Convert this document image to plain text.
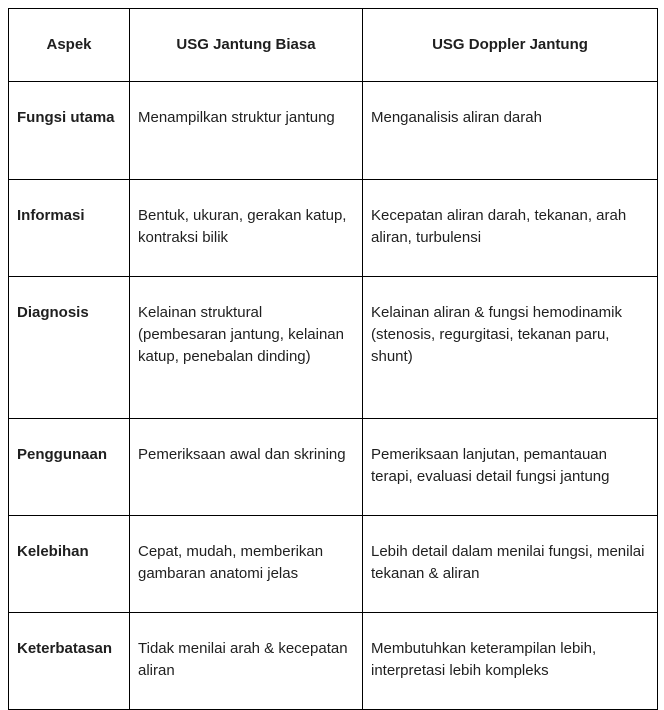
Aspek	USG Jantung Biasa	USG Doppler Jantung
Fungsi utama	Menampilkan struktur jantung	Menganalisis aliran darah
Informasi	Bentuk, ukuran, gerakan katup, kontraksi bilik	Kecepatan aliran darah, tekanan, arah aliran, turbulensi
Diagnosis	Kelainan struktural (pembesaran jantung, kelainan katup, penebalan dinding)	Kelainan aliran & fungsi hemodinamik (stenosis, regurgitasi, tekanan paru, shunt)
Penggunaan	Pemeriksaan awal dan skrining	Pemeriksaan lanjutan, pemantauan terapi, evaluasi detail fungsi jantung
Kelebihan	Cepat, mudah, memberikan gambaran anatomi jelas	Lebih detail dalam menilai fungsi, menilai tekanan & aliran
Keterbatasan	Tidak menilai arah & kecepatan aliran	Membutuhkan keterampilan lebih, interpretasi lebih kompleks
